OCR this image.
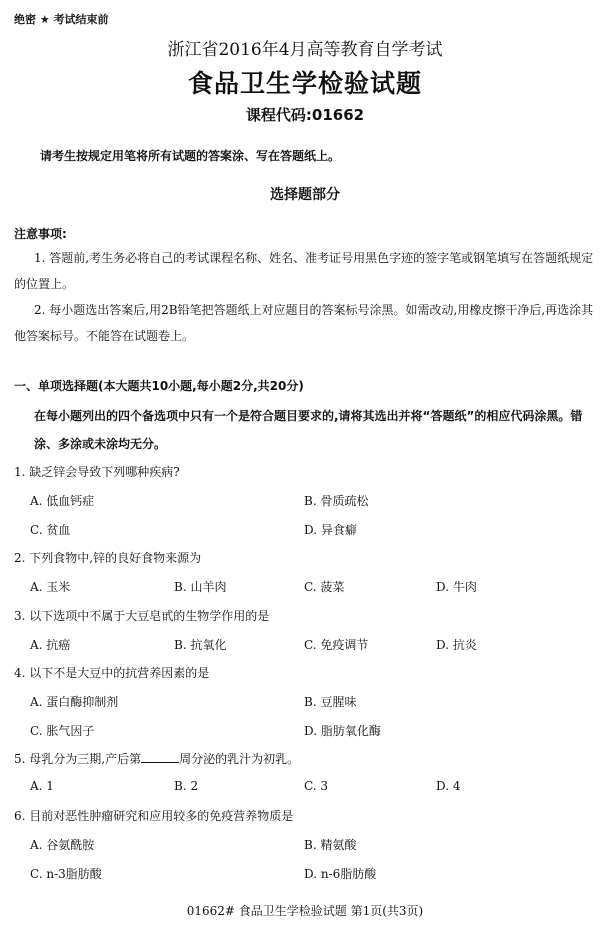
绝密 ★ 考试结束前
浙江省2016年4月高等教育自学考试
食品卫生学检验试题
课程代码:01662
请考生按规定用笔将所有试题的答案涂、写在答题纸上。
选择题部分
注意事项:
1. 答题前,考生务必将自己的考试课程名称、姓名、准考证号用黑色字迹的签字笔或钢笔填写在答题纸规定的位置上。
2. 每小题选出答案后,用2B铅笔把答题纸上对应题目的答案标号涂黑。如需改动,用橡皮擦干净后,再选涂其他答案标号。不能答在试题卷上。
一、单项选择题(本大题共10小题,每小题2分,共20分)
在每小题列出的四个备选项中只有一个是符合题目要求的,请将其选出并将“答题纸”的相应代码涂黑。错涂、多涂或未涂均无分。
1. 缺乏锌会导致下列哪种疾病?
A. 低血钙症	B. 骨质疏松
C. 贫血	D. 异食癖
2. 下列食物中,锌的良好食物来源为
A. 玉米	B. 山羊肉	C. 菠菜	D. 牛肉
3. 以下选项中不属于大豆皂甙的生物学作用的是
A. 抗癌	B. 抗氧化	C. 免疫调节	D. 抗炎
4. 以下不是大豆中的抗营养因素的是
A. 蛋白酶抑制剂	B. 豆腥味
C. 胀气因子	D. 脂肪氧化酶
5. 母乳分为三期,产后第	周分泌的乳汁为初乳。
A. 1	B. 2	C. 3	D. 4
6. 目前对恶性肿瘤研究和应用较多的免疫营养物质是
A. 谷氨酰胺	B. 精氨酸
C. n-3脂肪酸	D. n-6脂肪酸
01662# 食品卫生学检验试题 第1页(共3页)
